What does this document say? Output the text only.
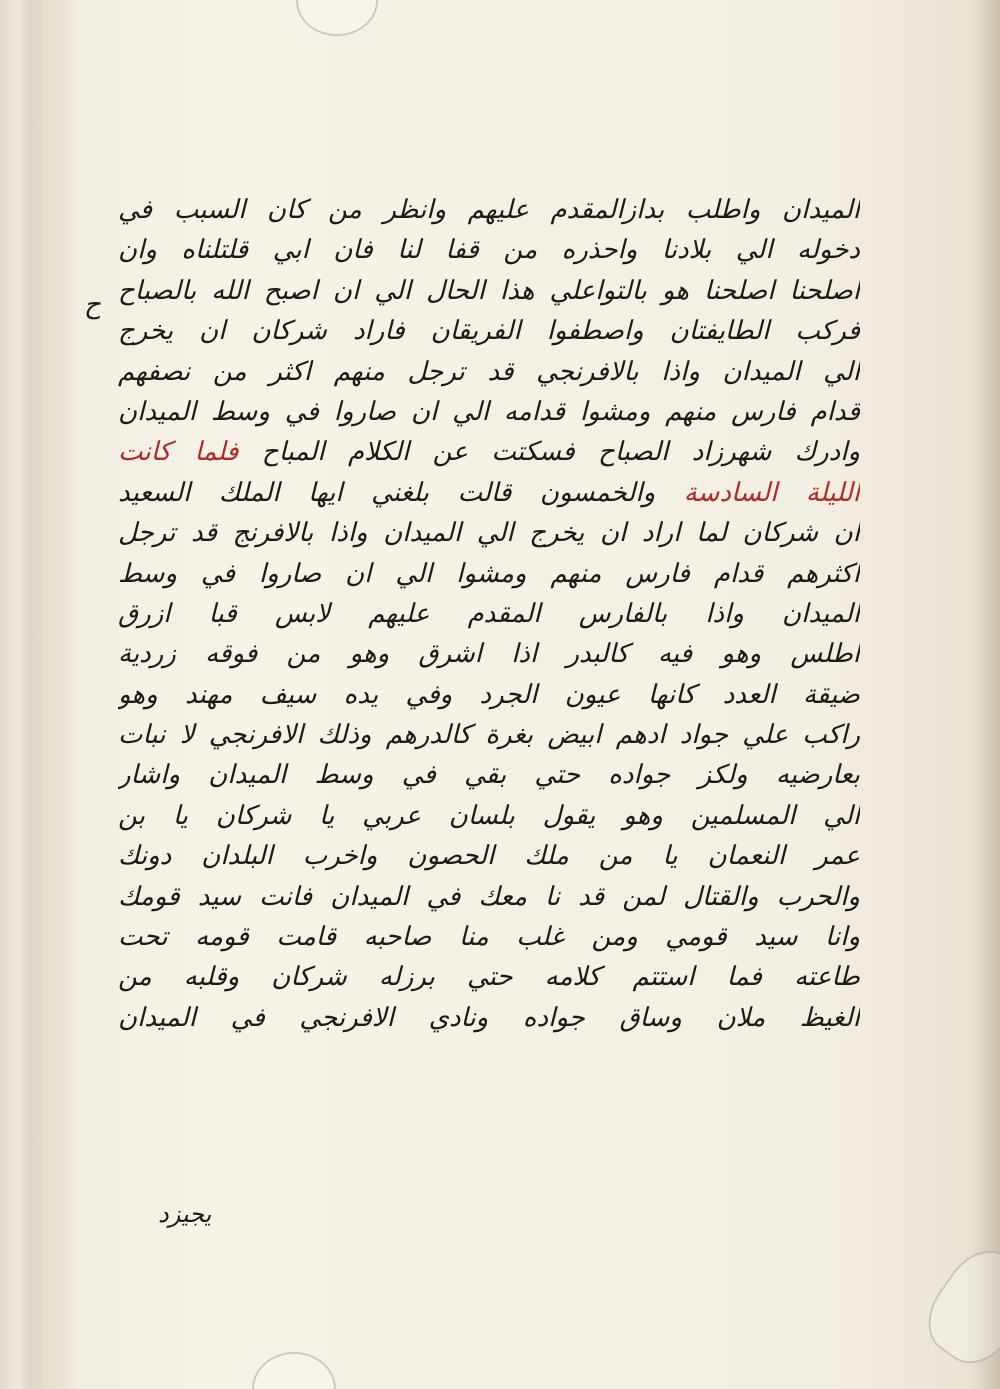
ح
الميدان واطلب بدازالمقدم عليهم وانظر من كان السبب في
دخوله الي بلادنا واحذره من قفا لنا فان ابي قلتلناه وان
اصلحنا اصلحنا هو بالتواعلي هذا الحال الي ان اصبح الله بالصباح
فركب الطايفتان واصطفوا الفريقان فاراد شركان ان يخرج
الي الميدان واذا بالافرنجي قد ترجل منهم اكثر من نصفهم
قدام فارس منهم ومشوا قدامه الي ان صاروا في وسط الميدان
وادرك شهرزاد الصباح فسكتت عن الكلام المباح فلما كانت
الليلة السادسة والخمسون قالت بلغني ايها الملك السعيد
ان شركان لما اراد ان يخرج الي الميدان واذا بالافرنج قد ترجل
اكثرهم قدام فارس منهم ومشوا الي ان صاروا في وسط
الميدان واذا بالفارس المقدم عليهم لابس قبا ازرق
اطلس وهو فيه كالبدر اذا اشرق وهو من فوقه زردية
ضيقة العدد كانها عيون الجرد وفي يده سيف مهند وهو
راكب علي جواد ادهم ابيض بغرة كالدرهم وذلك الافرنجي لا نبات
بعارضيه ولكز جواده حتي بقي في وسط الميدان واشار
الي المسلمين وهو يقول بلسان عربي يا شركان يا بن
عمر النعمان يا من ملك الحصون واخرب البلدان دونك
والحرب والقتال لمن قد نا معك في الميدان فانت سيد قومك
وانا سيد قومي ومن غلب منا صاحبه قامت قومه تحت
طاعته فما استتم كلامه حتي برزله شركان وقلبه من
الغيظ ملان وساق جواده ونادي الافرنجي في الميدان
يجيزد
